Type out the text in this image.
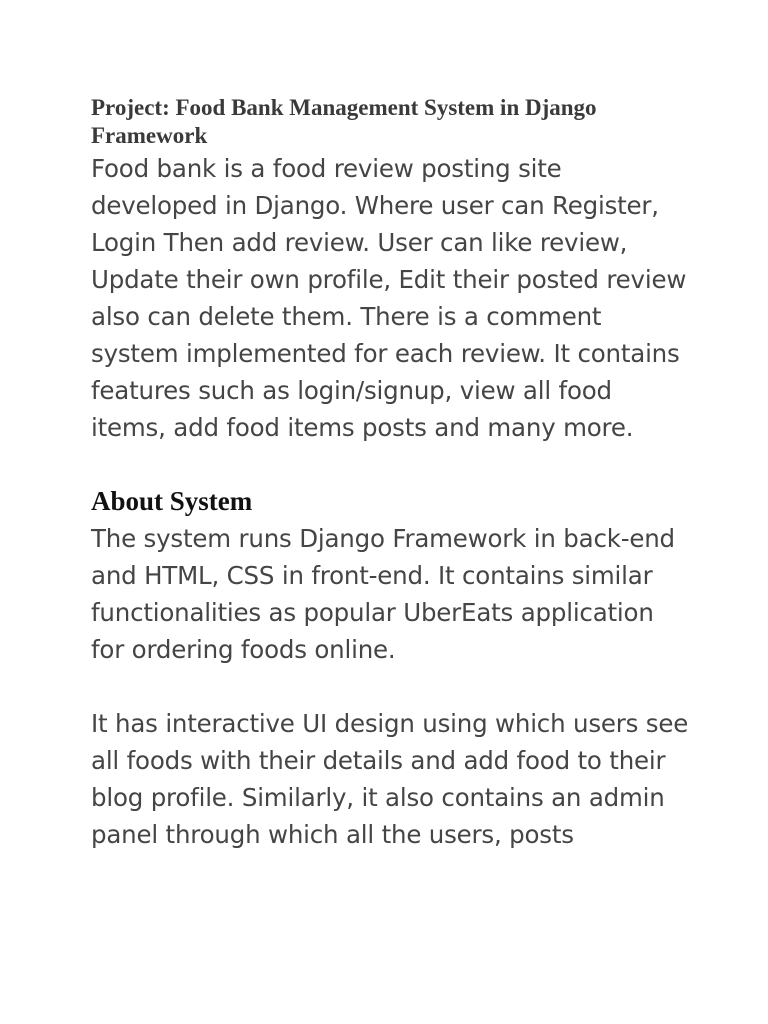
Project: Food Bank Management System in Django Framework

Food bank is a food review posting site developed in Django. Where user can Register, Login Then add review. User can like review, Update their own profile, Edit their posted review also can delete them. There is a comment system implemented for each review. It contains features such as login/signup, view all food items, add food items posts and many more.

About System

The system runs Django Framework in back-end and HTML, CSS in front-end. It contains similar functionalities as popular UberEats application for ordering foods online.

It has interactive UI design using which users see all foods with their details and add food to their blog profile. Similarly, it also contains an admin panel through which all the users, posts
